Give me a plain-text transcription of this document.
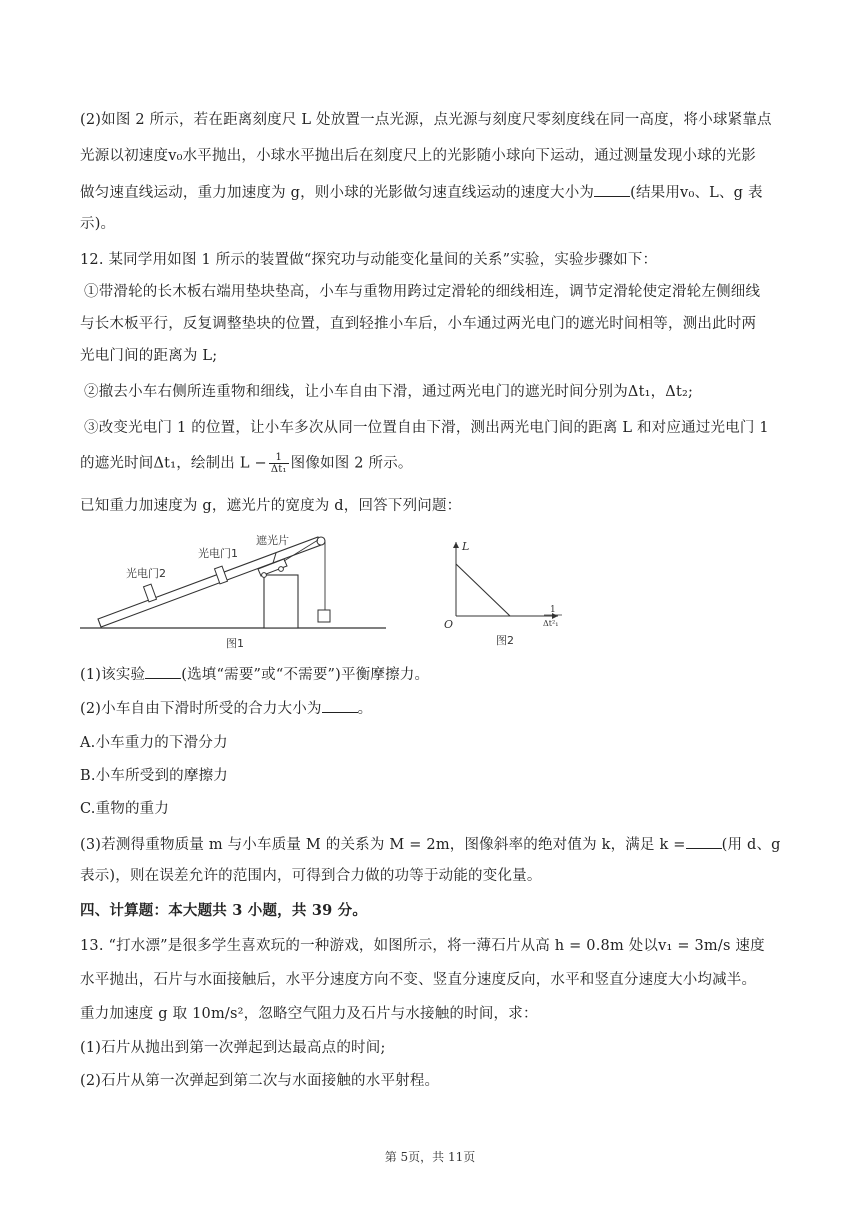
(2)如图 2 所示，若在距离刻度尺 L 处放置一点光源，点光源与刻度尺零刻度线在同一高度，将小球紧靠点
光源以初速度v₀水平抛出，小球水平抛出后在刻度尺上的光影随小球向下运动，通过测量发现小球的光影
做匀速直线运动，重力加速度为 g，则小球的光影做匀速直线运动的速度大小为 (结果用v₀、L、g 表
示)。
12. 某同学用如图 1 所示的装置做“探究功与动能变化量间的关系”实验，实验步骤如下：
①带滑轮的长木板右端用垫块垫高，小车与重物用跨过定滑轮的细线相连，调节定滑轮使定滑轮左侧细线
与长木板平行，反复调整垫块的位置，直到轻推小车后，小车通过两光电门的遮光时间相等，测出此时两
光电门间的距离为 L;
②撤去小车右侧所连重物和细线，让小车自由下滑，通过两光电门的遮光时间分别为Δt₁，Δt₂;
③改变光电门 1 的位置，让小车多次从同一位置自由下滑，测出两光电门间的距离 L 和对应通过光电门 1
的遮光时间Δt₁，绘制出 $L - \frac{1}{\text{Δt₁}}$ 图像如图 2 所示。
已知重力加速度为 g，遮光片的宽度为 d，回答下列问题：
遮光片
光电门1
光电门2
图1
L
O
1
Δt²₁
图2
(1)该实验 (选填“需要”或“不需要”)平衡摩擦力。
(2)小车自由下滑时所受的合力大小为 。
A.小车重力的下滑分力
B.小车所受到的摩擦力
C.重物的重力
(3)若测得重物质量 m 与小车质量 M 的关系为 M = 2m，图像斜率的绝对值为 k，满足 k = (用 d、g
表示)，则在误差允许的范围内，可得到合力做的功等于动能的变化量。
四、计算题：本大题共 3 小题，共 39 分。
13. “打水漂”是很多学生喜欢玩的一种游戏，如图所示，将一薄石片从高 h = 0.8m 处以v₁ = 3m/s 速度
水平抛出，石片与水面接触后，水平分速度方向不变、竖直分速度反向，水平和竖直分速度大小均减半。
重力加速度 g 取 10m/s²，忽略空气阻力及石片与水接触的时间，求：
(1)石片从抛出到第一次弹起到达最高点的时间;
(2)石片从第一次弹起到第二次与水面接触的水平射程。
第 5页，共 11页
